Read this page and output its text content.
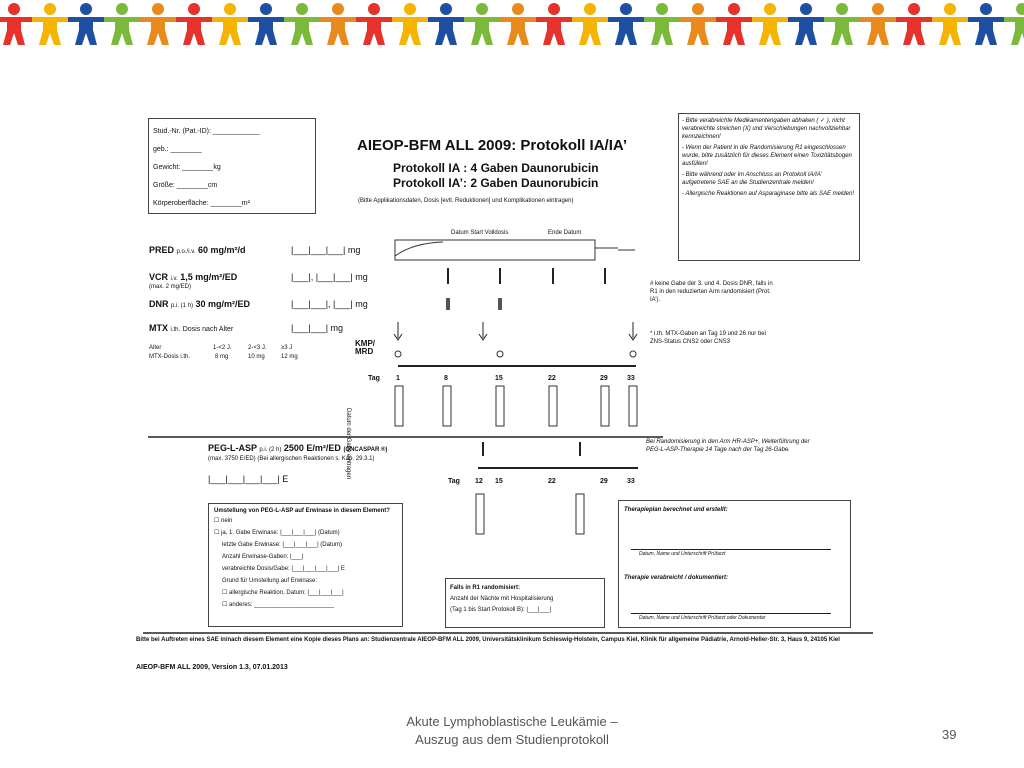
Stud.-Nr. (Pat.-ID): ____________
geb.: ________
Gewicht: ________kg
Größe: ________cm
Körperoberfläche: ________m²
AIEOP-BFM ALL 2009: Protokoll IA/IA’
Protokoll IA : 4 Gaben Daunorubicin
Protokoll IA’: 2 Gaben Daunorubicin
(Bitte Applikationsdaten, Dosis [evtl. Reduktionen] und Komplikationen eintragen)
- Bitte verabreichte Medikamentengaben abhaken ( ✓ ), nicht verabreichte streichen (X) und Verschiebungen nachvollziehbar kennzeichnen!
- Wenn der Patient in die Randomisierung R1 eingeschlossen wurde, bitte zusätzlich für dieses Element einen Toxizitätsbogen ausfüllen!
- Bitte während oder im Anschluss an Protokoll IA/IA’ aufgetretene SAE an die Studienzentrale melden!
- Allergische Reaktionen auf Asparaginase bitte als SAE melden!
PRED p.o./i.v. 60 mg/m²/d	|___|___|___| mg
VCR i.v. 1,5 mg/m²/ED
(max. 2 mg/ED)
|___|, |___|___| mg
DNR p.i. (1 h) 30 mg/m²/ED	|___|___|, |___| mg
MTX i.th. Dosis nach Alter	|___|___| mg
Alter	1-<2 J.	2-<3 J. ≥3 J
MTX-Dosis i.th.	8 mg	10 mg	12 mg
Datum Start Volldosis	Ende Datum
KMP/ MRD
Tag 1	8	15	22	29	33
Datum der Gabe eintragen
# keine Gabe der 3. und 4. Dosis DNR, falls in R1 in den reduzierten Arm randomisiert (Prot. IA’).
* i.th. MTX-Gaben an Tag 19 und 26 nur bei ZNS-Status CNS2 oder CNS3
PEG-L-ASP p.i. (2 h) 2500 E/m²/ED (ONCASPAR ®)
(max. 3750 E/ED) (Bei allergischen Reaktionen s. Kap. 29.3.1)
|___|___|___|___| E
Bei Randomisierung in den Arm HR-ASP+, Weiterführung der PEG-L-ASP-Therapie 14 Tage nach der Tag 26-Gabe.
Tag 12 15	22	29	33
Umstellung von PEG-L-ASP auf Erwinase in diesem Element?
☐ nein
☐ ja, 1. Gabe Erwinase: |___|___|___| (Datum)
letzte Gabe Erwinase: |___|___|___| (Datum)
Anzahl Erwinase-Gaben: |___|
verabreichte Dosis/Gabe: |___|___|___|___| E
Grund für Umstellung auf Erwinase:
☐ allergische Reaktion, Datum: |___|___|___|
☐ anderes: ________________________
Falls in R1 randomisiert:
Anzahl der Nächte mit Hospitalisierung
(Tag 1 bis Start Protokoll B): |___|___|
Therapieplan berechnet und erstellt:
Datum, Name und Unterschrift Prüfarzt
Therapie verabreicht / dokumentiert:
Datum, Name und Unterschrift Prüfarzt oder Dokumentar
Bitte bei Auftreten eines SAE in/nach diesem Element eine Kopie dieses Plans an: Studienzentrale AIEOP-BFM ALL 2009, Universitätsklinikum Schleswig-Holstein, Campus Kiel, Klinik für allgemeine Pädiatrie, Arnold-Heller-Str. 3, Haus 9, 24105 Kiel
AIEOP-BFM ALL 2009, Version 1.3, 07.01.2013
Akute Lymphoblastische Leukämie –
Auszug aus dem Studienprotokoll	39
